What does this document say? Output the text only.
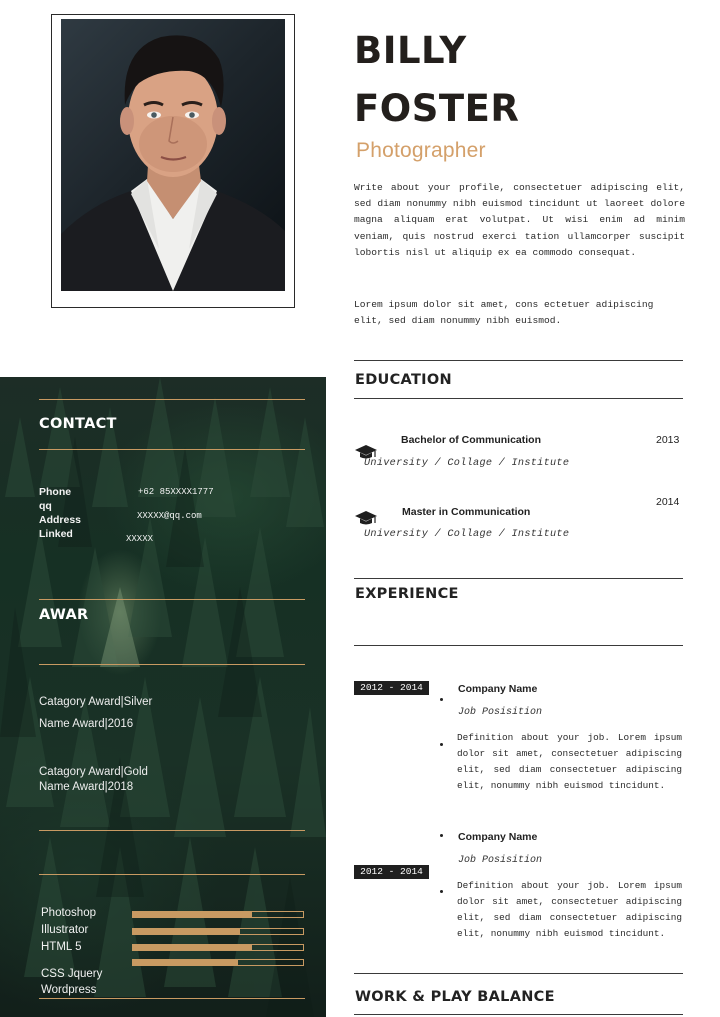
BILLY
FOSTER
Photographer
Write about your profile, consectetuer adipiscing elit, sed diam nonummy nibh euismod tincidunt ut laoreet dolore magna aliquam erat volutpat. Ut wisi enim ad minim veniam, quis nostrud exerci tation ullamcorper suscipit lobortis nisl ut aliquip ex ea commodo consequat.
Lorem ipsum dolor sit amet, cons ectetuer adipiscing elit, sed diam nonummy nibh euismod.
EDUCATION
Bachelor of Communication	2013
University / Collage / Institute
2014
Master in Communication
University / Collage / Institute
EXPERIENCE
2012 - 2014	Company Name
Job Posisition
Definition about your job. Lorem ipsum dolor sit amet, consectetuer adipiscing elit, sed diam consectetuer adipiscing elit, nonummy nibh euismod tincidunt.
Company Name
Job Posisition
2012 - 2014
Definition about your job. Lorem ipsum dolor sit amet, consectetuer adipiscing elit, sed diam consectetuer adipiscing elit, nonummy nibh euismod tincidunt.
WORK & PLAY BALANCE
CONTACT
Phone
qq
Address
Linked
+62 85XXXX1777
XXXXX@qq.com
XXXXX
AWAR
Catagory Award|Silver
Name Award|2016
Catagory Award|Gold
Name Award|2018
Photoshop
Illustrator
HTML 5
CSS Jquery
Wordpress
